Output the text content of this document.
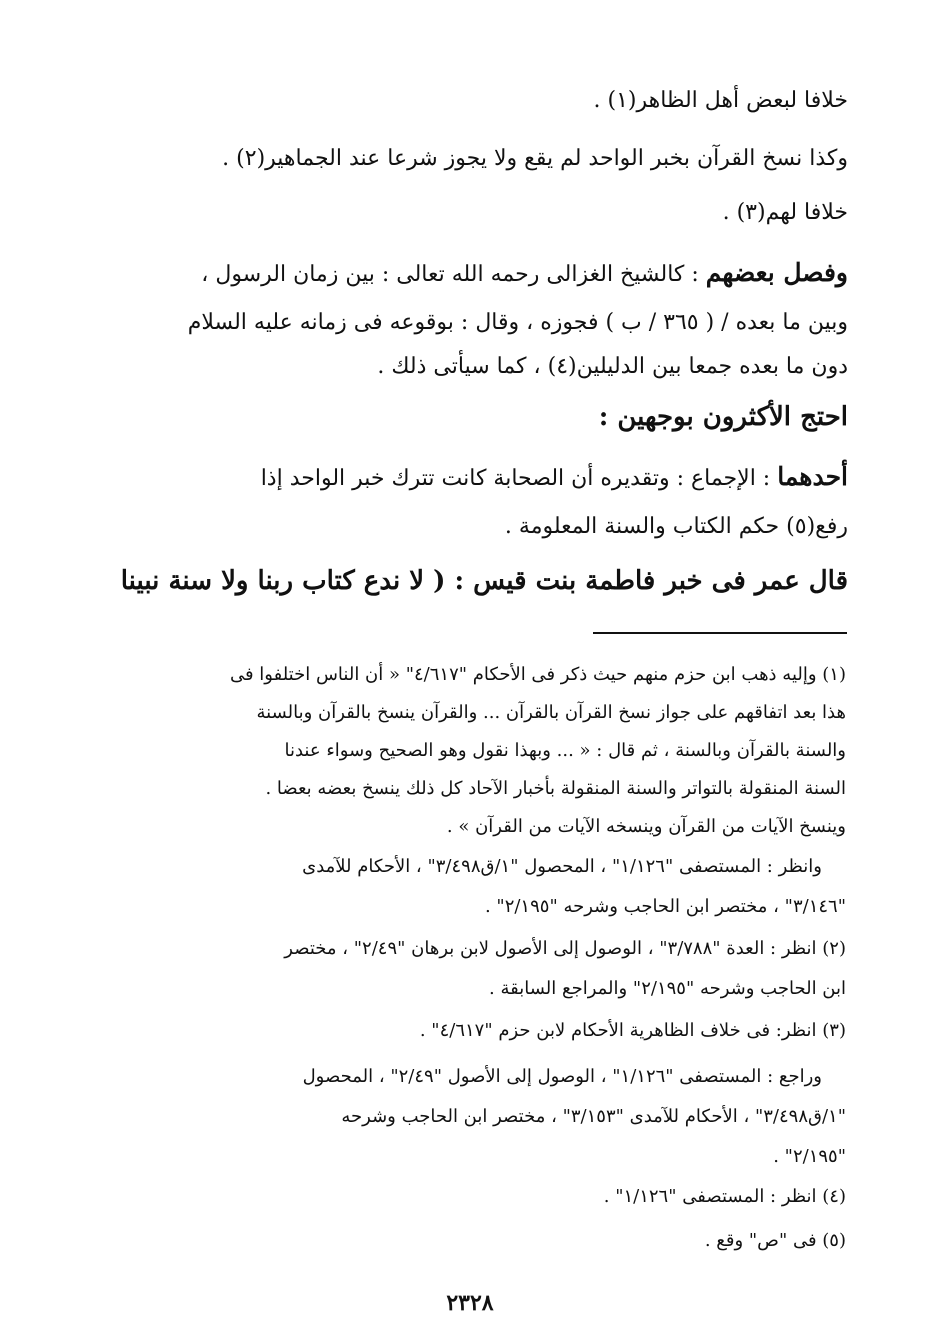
خلافا لبعض أهل الظاهر(١) .
وكذا نسخ القرآن بخبر الواحد لم يقع ولا يجوز شرعا عند الجماهير(٢) .
خلافا لهم(٣) .
وفصل بعضهم : كالشيخ الغزالى رحمه الله تعالى : بين زمان الرسول ،
وبين ما بعده / ( ٣٦٥ / ب ) فجوزه ، وقال : بوقوعه فى زمانه عليه السلام
دون ما بعده جمعا بين الدليلين(٤) ، كما سيأتى ذلك .
احتج الأكثرون بوجهين :
أحدهما : الإجماع : وتقديره أن الصحابة كانت تترك خبر الواحد إذا
رفع(٥) حكم الكتاب والسنة المعلومة .
قال عمر فى خبر فاطمة بنت قيس : ( لا ندع كتاب ربنا ولا سنة نبينا
(١) وإليه ذهب ابن حزم منهم حيث ذكر فى الأحكام "٤/٦١٧" « أن الناس اختلفوا فى
هذا بعد اتفاقهم على جواز نسخ القرآن بالقرآن ... والقرآن ينسخ بالقرآن وبالسنة
والسنة بالقرآن وبالسنة ، ثم قال : « ... وبهذا نقول وهو الصحيح وسواء عندنا
السنة المنقولة بالتواتر والسنة المنقولة بأخبار الآحاد كل ذلك ينسخ بعضه بعضا .
وينسخ الآيات من القرآن وينسخه الآيات من القرآن » .
وانظر : المستصفى "١/١٢٦" ، المحصول "١/ق٣/٤٩٨" ، الأحكام للآمدى
"٣/١٤٦" ، مختصر ابن الحاجب وشرحه "٢/١٩٥" .
(٢) انظر : العدة "٣/٧٨٨" ، الوصول إلى الأصول لابن برهان "٢/٤٩" ، مختصر
ابن الحاجب وشرحه "٢/١٩٥" والمراجع السابقة .
(٣) انظر: فى خلاف الظاهرية الأحكام لابن حزم "٤/٦١٧" .
وراجع : المستصفى "١/١٢٦" ، الوصول إلى الأصول "٢/٤٩" ، المحصول
"١/ق٣/٤٩٨" ، الأحكام للآمدى "٣/١٥٣" ، مختصر ابن الحاجب وشرحه
"٢/١٩٥" .
(٤) انظر : المستصفى "١/١٢٦" .
(٥) فى "ص" وقع .
٢٣٢٨
